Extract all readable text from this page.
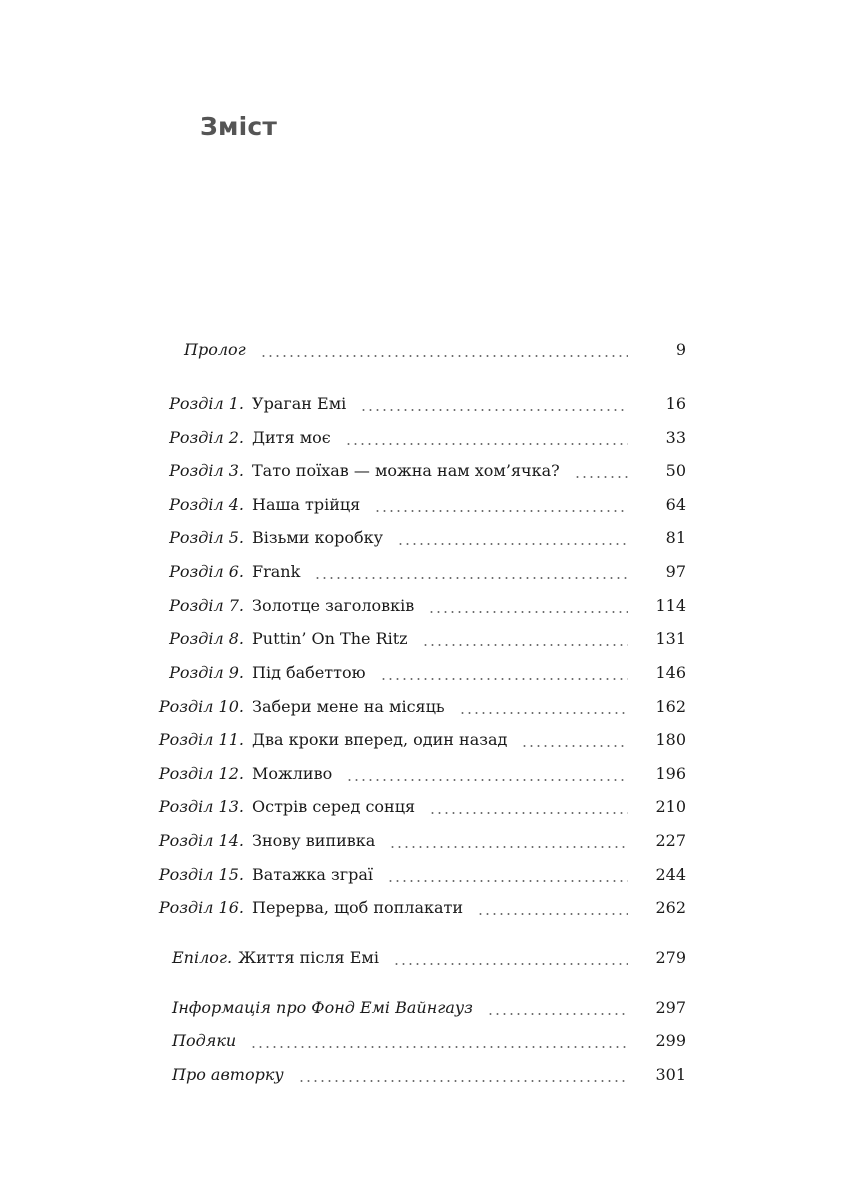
Зміст
Пролог	9
Розділ 1. Ураган Емі	16
Розділ 2. Дитя моє	33
Розділ 3. Тато поїхав — можна нам хом’ячка?	50
Розділ 4. Наша трійця	64
Розділ 5. Візьми коробку	81
Розділ 6. Frank	97
Розділ 7. Золотце заголовків	114
Розділ 8. Puttin’ On The Ritz	131
Розділ 9. Під бабеттою	146
Розділ 10. Забери мене на місяць	162
Розділ 11. Два кроки вперед, один назад	180
Розділ 12. Можливо	196
Розділ 13. Острів серед сонця	210
Розділ 14. Знову випивка	227
Розділ 15. Ватажка зграї	244
Розділ 16. Перерва, щоб поплакати	262
Епілог. Життя після Емі	279
Інформація про Фонд Емі Вайнгауз	297
Подяки	299
Про авторку	301
